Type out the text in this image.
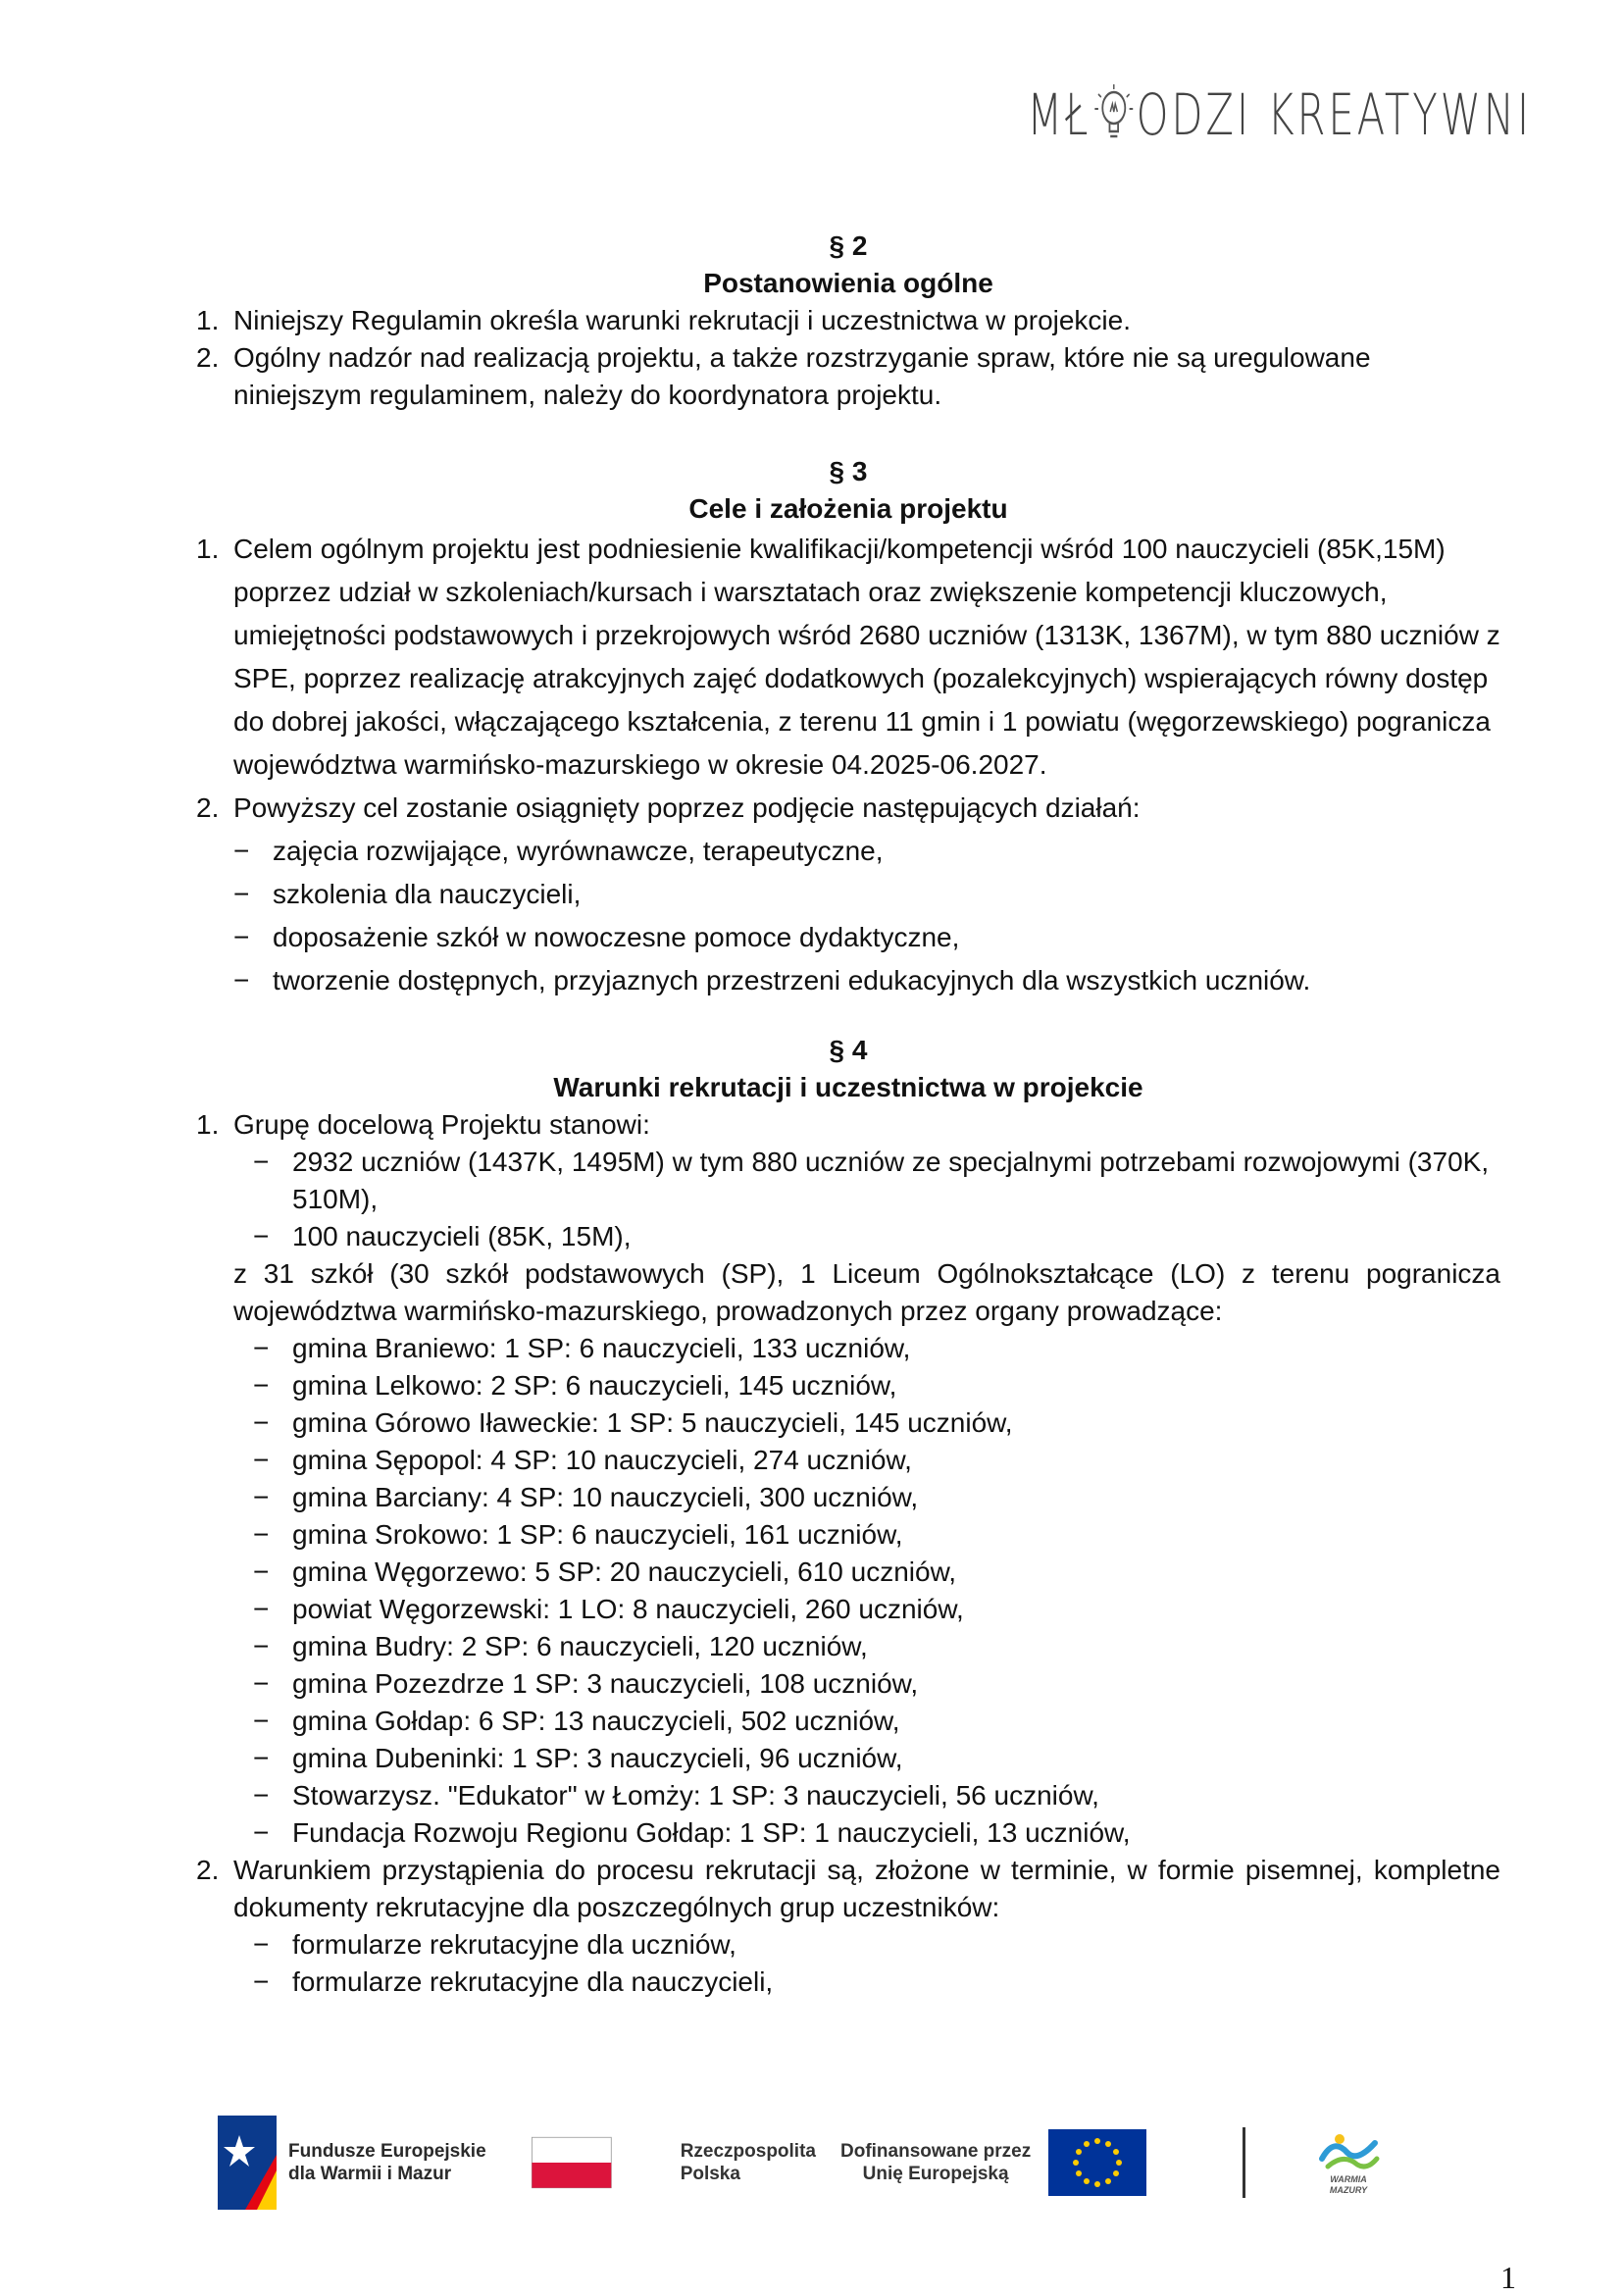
MŁ ODZI KREATYWNI
§ 2
Postanowienia ogólne
1. Niniejszy Regulamin określa warunki rekrutacji i uczestnictwa w projekcie.
2. Ogólny nadzór nad realizacją projektu, a także rozstrzyganie spraw, które nie są uregulowane niniejszym regulaminem, należy do koordynatora projektu.
§ 3
Cele i założenia projektu
1. Celem ogólnym projektu jest podniesienie kwalifikacji/kompetencji wśród 100 nauczycieli (85K,15M) poprzez udział w szkoleniach/kursach i warsztatach oraz zwiększenie kompetencji kluczowych, umiejętności podstawowych i przekrojowych wśród 2680 uczniów (1313K, 1367M), w tym 880 uczniów z SPE, poprzez realizację atrakcyjnych zajęć dodatkowych (pozalekcyjnych) wspierających równy dostęp do dobrej jakości, włączającego kształcenia, z terenu 11 gmin i 1 powiatu (węgorzewskiego) pogranicza województwa warmińsko-mazurskiego w okresie 04.2025-06.2027.
2. Powyższy cel zostanie osiągnięty poprzez podjęcie następujących działań:
− zajęcia rozwijające, wyrównawcze, terapeutyczne,
− szkolenia dla nauczycieli,
− doposażenie szkół w nowoczesne pomoce dydaktyczne,
− tworzenie dostępnych, przyjaznych przestrzeni edukacyjnych dla wszystkich uczniów.
§ 4
Warunki rekrutacji i uczestnictwa w projekcie
1. Grupę docelową Projektu stanowi:
− 2932 uczniów (1437K, 1495M) w tym 880 uczniów ze specjalnymi potrzebami rozwojowymi (370K, 510M),
− 100 nauczycieli (85K, 15M),
z 31 szkół (30 szkół podstawowych (SP), 1 Liceum Ogólnokształcące (LO) z terenu pogranicza województwa warmińsko-mazurskiego, prowadzonych przez organy prowadzące:
− gmina Braniewo: 1 SP: 6 nauczycieli, 133 uczniów,
− gmina Lelkowo: 2 SP: 6 nauczycieli, 145 uczniów,
− gmina Górowo Iławeckie: 1 SP: 5 nauczycieli, 145 uczniów,
− gmina Sępopol: 4 SP: 10 nauczycieli, 274 uczniów,
− gmina Barciany: 4 SP: 10 nauczycieli, 300 uczniów,
− gmina Srokowo: 1 SP: 6 nauczycieli, 161 uczniów,
− gmina Węgorzewo: 5 SP: 20 nauczycieli, 610 uczniów,
− powiat Węgorzewski: 1 LO: 8 nauczycieli, 260 uczniów,
− gmina Budry: 2 SP: 6 nauczycieli, 120 uczniów,
− gmina Pozezdrze 1 SP: 3 nauczycieli, 108 uczniów,
− gmina Gołdap: 6 SP: 13 nauczycieli, 502 uczniów,
− gmina Dubeninki: 1 SP: 3 nauczycieli, 96 uczniów,
− Stowarzysz. "Edukator" w Łomży: 1 SP: 3 nauczycieli, 56 uczniów,
− Fundacja Rozwoju Regionu Gołdap: 1 SP: 1 nauczycieli, 13 uczniów,
2. Warunkiem przystąpienia do procesu rekrutacji są, złożone w terminie, w formie pisemnej, kompletne dokumenty rekrutacyjne dla poszczególnych grup uczestników:
− formularze rekrutacyjne dla uczniów,
− formularze rekrutacyjne dla nauczycieli,
Fundusze Europejskie
dla Warmii i Mazur
Rzeczpospolita
Polska
Dofinansowane przez
Unię Europejską	WARMIA
MAZURY
1
